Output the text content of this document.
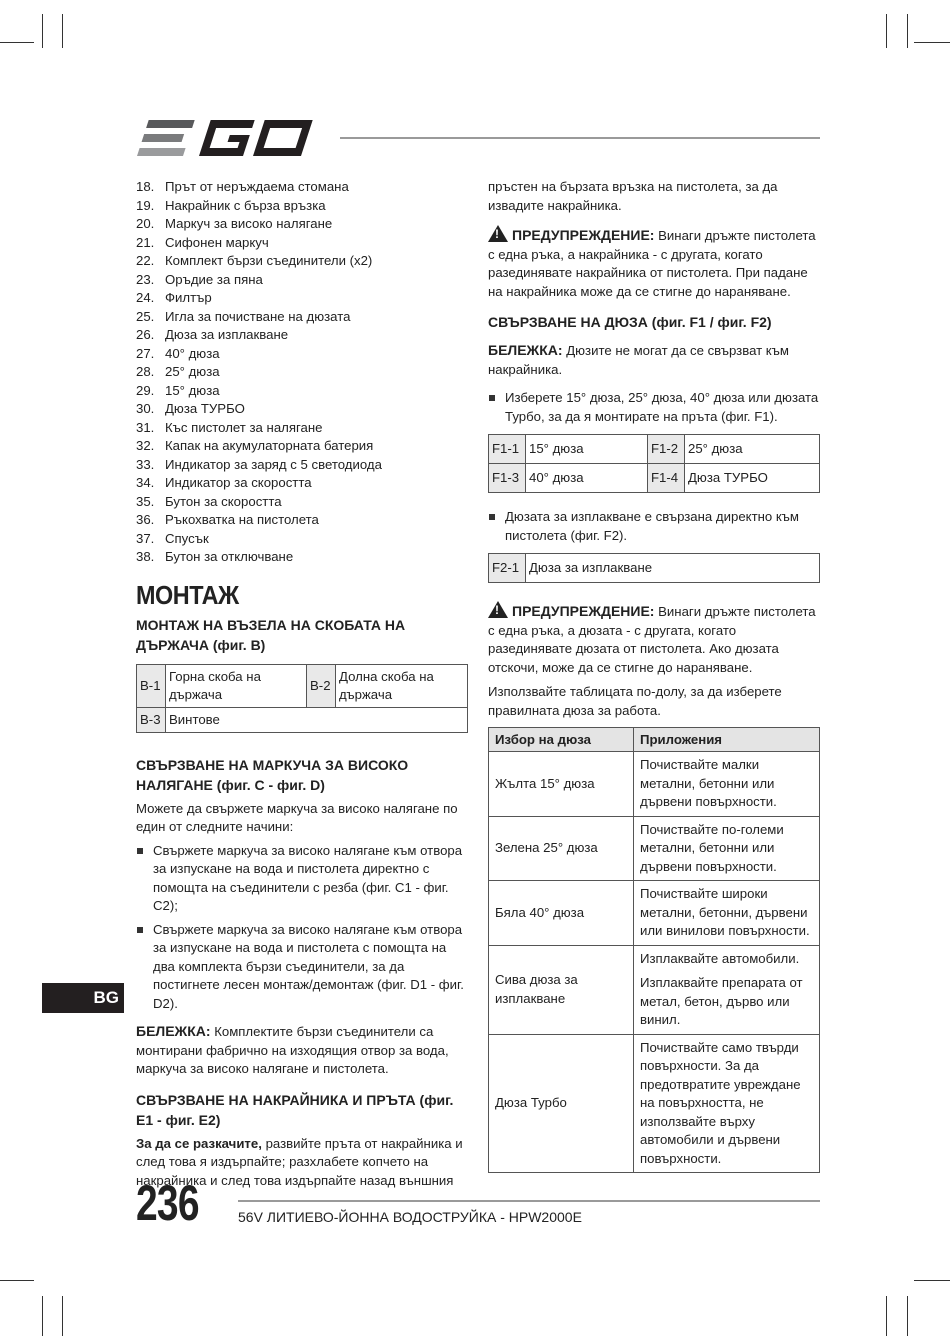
18. Прът от неръждаема стомана
19. Накрайник с бърза връзка
20. Маркуч за високо налягане
21. Сифонен маркуч
22. Комплект бързи съединители (x2)
23. Оръдие за пяна
24. Филтър
25. Игла за почистване на дюзата
26. Дюза за изплакване
27. 40° дюза
28. 25° дюза
29. 15° дюза
30. Дюза ТУРБО
31. Къс пистолет за налягане
32. Капак на акумулаторната батерия
33. Индикатор за заряд с 5 светодиода
34. Индикатор за скоростта
35. Бутон за скоростта
36. Ръкохватка на пистолета
37. Спусък
38. Бутон за отключване
МОНТАЖ
МОНТАЖ НА ВЪЗЕЛА НА СКОБАТА НА ДЪРЖАЧА (фиг. B)
B-1	Горна скоба на държача	B-2	Долна скоба на държача
B-3	Винтове		
СВЪРЗВАНЕ НА МАРКУЧА ЗА ВИСОКО НАЛЯГАНЕ (фиг. C - фиг. D)

Можете да свържете маркуча за високо налягане по един от следните начини:

Свържете маркуча за високо налягане към отвора за изпускане на вода и пистолета директно с помощта на съединители с резба (фиг. C1 - фиг. C2);
Свържете маркуча за високо налягане към отвора за изпускане на вода и пистолета с помощта на два комплекта бързи съединители, за да постигнете лесен монтаж/демонтаж (фиг. D1 - фиг. D2).

БЕЛЕЖКА: Комплектите бързи съединители са монтирани фабрично на изходящия отвор за вода, маркуча за високо налягане и пистолета.

СВЪРЗВАНЕ НА НАКРАЙНИКА И ПРЪТА (фиг. E1 - фиг. E2)

За да се разкачите, развийте пръта от накрайника и след това я издърпайте; разхлабете копчето на накрайника и след това издърпайте назад външния

пръстен на бързата връзка на пистолета, за да извадите накрайника.

!ПРЕДУПРЕЖДЕНИЕ: Винаги дръжте пистолета с една ръка, а накрайника - с другата, когато разединявате накрайника от пистолета. При падане на накрайника може да се стигне до нараняване.

СВЪРЗВАНЕ НА ДЮЗА (фиг. F1 / фиг. F2)

БЕЛЕЖКА: Дюзите не могат да се свързват към накрайника.

Изберете 15° дюза, 25° дюза, 40° дюза или дюзата Турбо, за да я монтирате на пръта (фиг. F1).
F1-1	15° дюза	F1-2	25° дюза
F1-3	40° дюза	F1-4	Дюза ТУРБО
Дюзата за изплакване е свързана директно към пистолета (фиг. F2).
F2-1	Дюза за изплакване

!ПРЕДУПРЕЖДЕНИЕ: Винаги дръжте пистолета с една ръка, а дюзата - с другата, когато разединявате дюзата от пистолета. Ако дюзата отскочи, може да се стигне до нараняване.

Използвайте таблицата по-долу, за да изберете правилната дюза за работа.

Избор на дюза	Приложения
Жълта 15° дюза	Почиствайте малки метални, бетонни или дървени повърхности.

Зелена 25° дюза	Почиствайте по-големи метални, бетонни или дървени повърхности.

Бяла 40° дюза	Почиствайте широки метални, бетонни, дървени или винилови повърхности.

Сива дюза за изплакване	Изплаквайте автомобили.
Изплаквайте препарата от метал, бетон, дърво или винил.

Дюза Турбо	Почиствайте само твърди повърхности. За да предотвратите увреждане на повърхността, не използвайте върху автомобили и дървени повърхности.
BG
236	56V ЛИТИЕВО-ЙОННА ВОДОСТРУЙКА - HPW2000E
